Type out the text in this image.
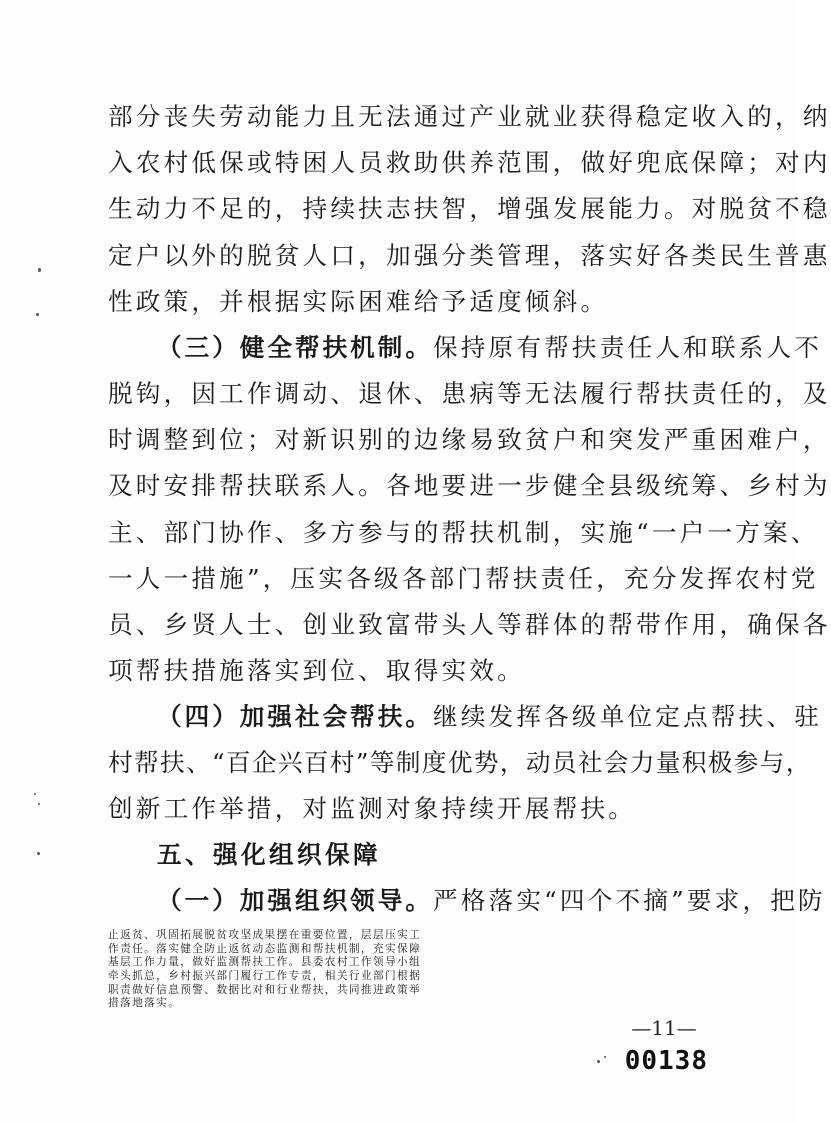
部分丧失劳动能力且无法通过产业就业获得稳定收入的，纳
入农村低保或特困人员救助供养范围，做好兜底保障；对内
生动力不足的，持续扶志扶智，增强发展能力。对脱贫不稳
定户以外的脱贫人口，加强分类管理，落实好各类民生普惠
性政策，并根据实际困难给予适度倾斜。
（三）健全帮扶机制。保持原有帮扶责任人和联系人不
脱钩，因工作调动、退休、患病等无法履行帮扶责任的，及
时调整到位；对新识别的边缘易致贫户和突发严重困难户，
及时安排帮扶联系人。各地要进一步健全县级统筹、乡村为
主、部门协作、多方参与的帮扶机制，实施“一户一方案、
一人一措施”，压实各级各部门帮扶责任，充分发挥农村党
员、乡贤人士、创业致富带头人等群体的帮带作用，确保各
项帮扶措施落实到位、取得实效。
（四）加强社会帮扶。继续发挥各级单位定点帮扶、驻
村帮扶、“百企兴百村”等制度优势，动员社会力量积极参与，
创新工作举措，对监测对象持续开展帮扶。
五、强化组织保障
（一）加强组织领导。严格落实“四个不摘”要求，把防
—11—
00138
止返贫、巩固拓展脱贫攻坚成果摆在重要位置，层层压实工
作责任。落实健全防止返贫动态监测和帮扶机制，充实保障
基层工作力量，做好监测帮扶工作。县委农村工作领导小组
牵头抓总，乡村振兴部门履行工作专责，相关行业部门根据
职责做好信息预警、数据比对和行业帮扶，共同推进政策举
措落地落实。
